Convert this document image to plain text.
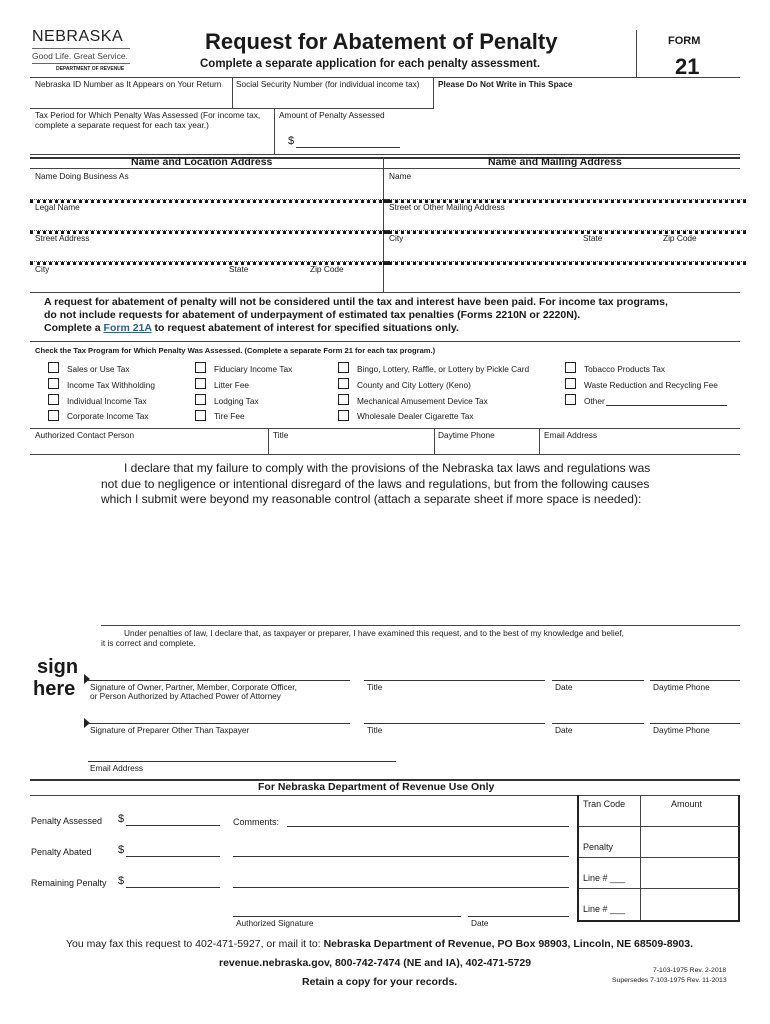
NEBRASKA
Good Life. Great Service.
DEPARTMENT OF REVENUE
Request for Abatement of Penalty
Complete a separate application for each penalty assessment.
FORM
21
Nebraska ID Number as It Appears on Your Return Social Security Number (for individual income tax) Please Do Not Write in This Space
Tax Period for Which Penalty Was Assessed (For income tax,
complete a separate request for each tax year.)
Amount of Penalty Assessed
$
Name and Location Address	Name and Mailing Address
Name Doing Business As
Legal Name
Street Address
City	State	Zip Code
Name
Street or Other Mailing Address
City	State	Zip Code
A request for abatement of penalty will not be considered until the tax and interest have been paid. For income tax programs,
do not include requests for abatement of underpayment of estimated tax penalties (Forms 2210N or 2220N).
Complete a Form 21A to request abatement of interest for specified situations only.
Check the Tax Program for Which Penalty Was Assessed. (Complete a separate Form 21 for each tax program.)
Sales or Use Tax
Income Tax Withholding
Individual Income Tax
Corporate Income Tax
Fiduciary Income Tax
Litter Fee
Lodging Tax
Tire Fee
Bingo, Lottery, Raffle, or Lottery by Pickle Card
County and City Lottery (Keno)
Mechanical Amusement Device Tax
Wholesale Dealer Cigarette Tax
Tobacco Products Tax
Waste Reduction and Recycling Fee
Other
Authorized Contact Person	Title	Daytime Phone	Email Address
I declare that my failure to comply with the provisions of the Nebraska tax laws and regulations was
not due to negligence or intentional disregard of the laws and regulations, but from the following causes
which I submit were beyond my reasonable control (attach a separate sheet if more space is needed):
Under penalties of law, I declare that, as taxpayer or preparer, I have examined this request, and to the best of my knowledge and belief,
it is correct and complete.
sign
here Signature of Owner, Partner, Member, Corporate Officer,
or Person Authorized by Attached Power of Attorney
Title	Date	Daytime Phone
Signature of Preparer Other Than Taxpayer	Title	Date	Daytime Phone
Email Address
For Nebraska Department of Revenue Use Only
Penalty Assessed $
Penalty Abated $
Remaining Penalty $
Comments:
Authorized Signature	Date
Tran Code	Amount
Penalty
Line # ___
Line # ___
You may fax this request to 402-471-5927, or mail it to: Nebraska Department of Revenue, PO Box 98903, Lincoln, NE 68509-8903.
revenue.nebraska.gov, 800-742-7474 (NE and IA), 402-471-5729
Retain a copy for your records.
7-103-1975 Rev. 2-2018
Supersedes 7-103-1975 Rev. 11-2013
